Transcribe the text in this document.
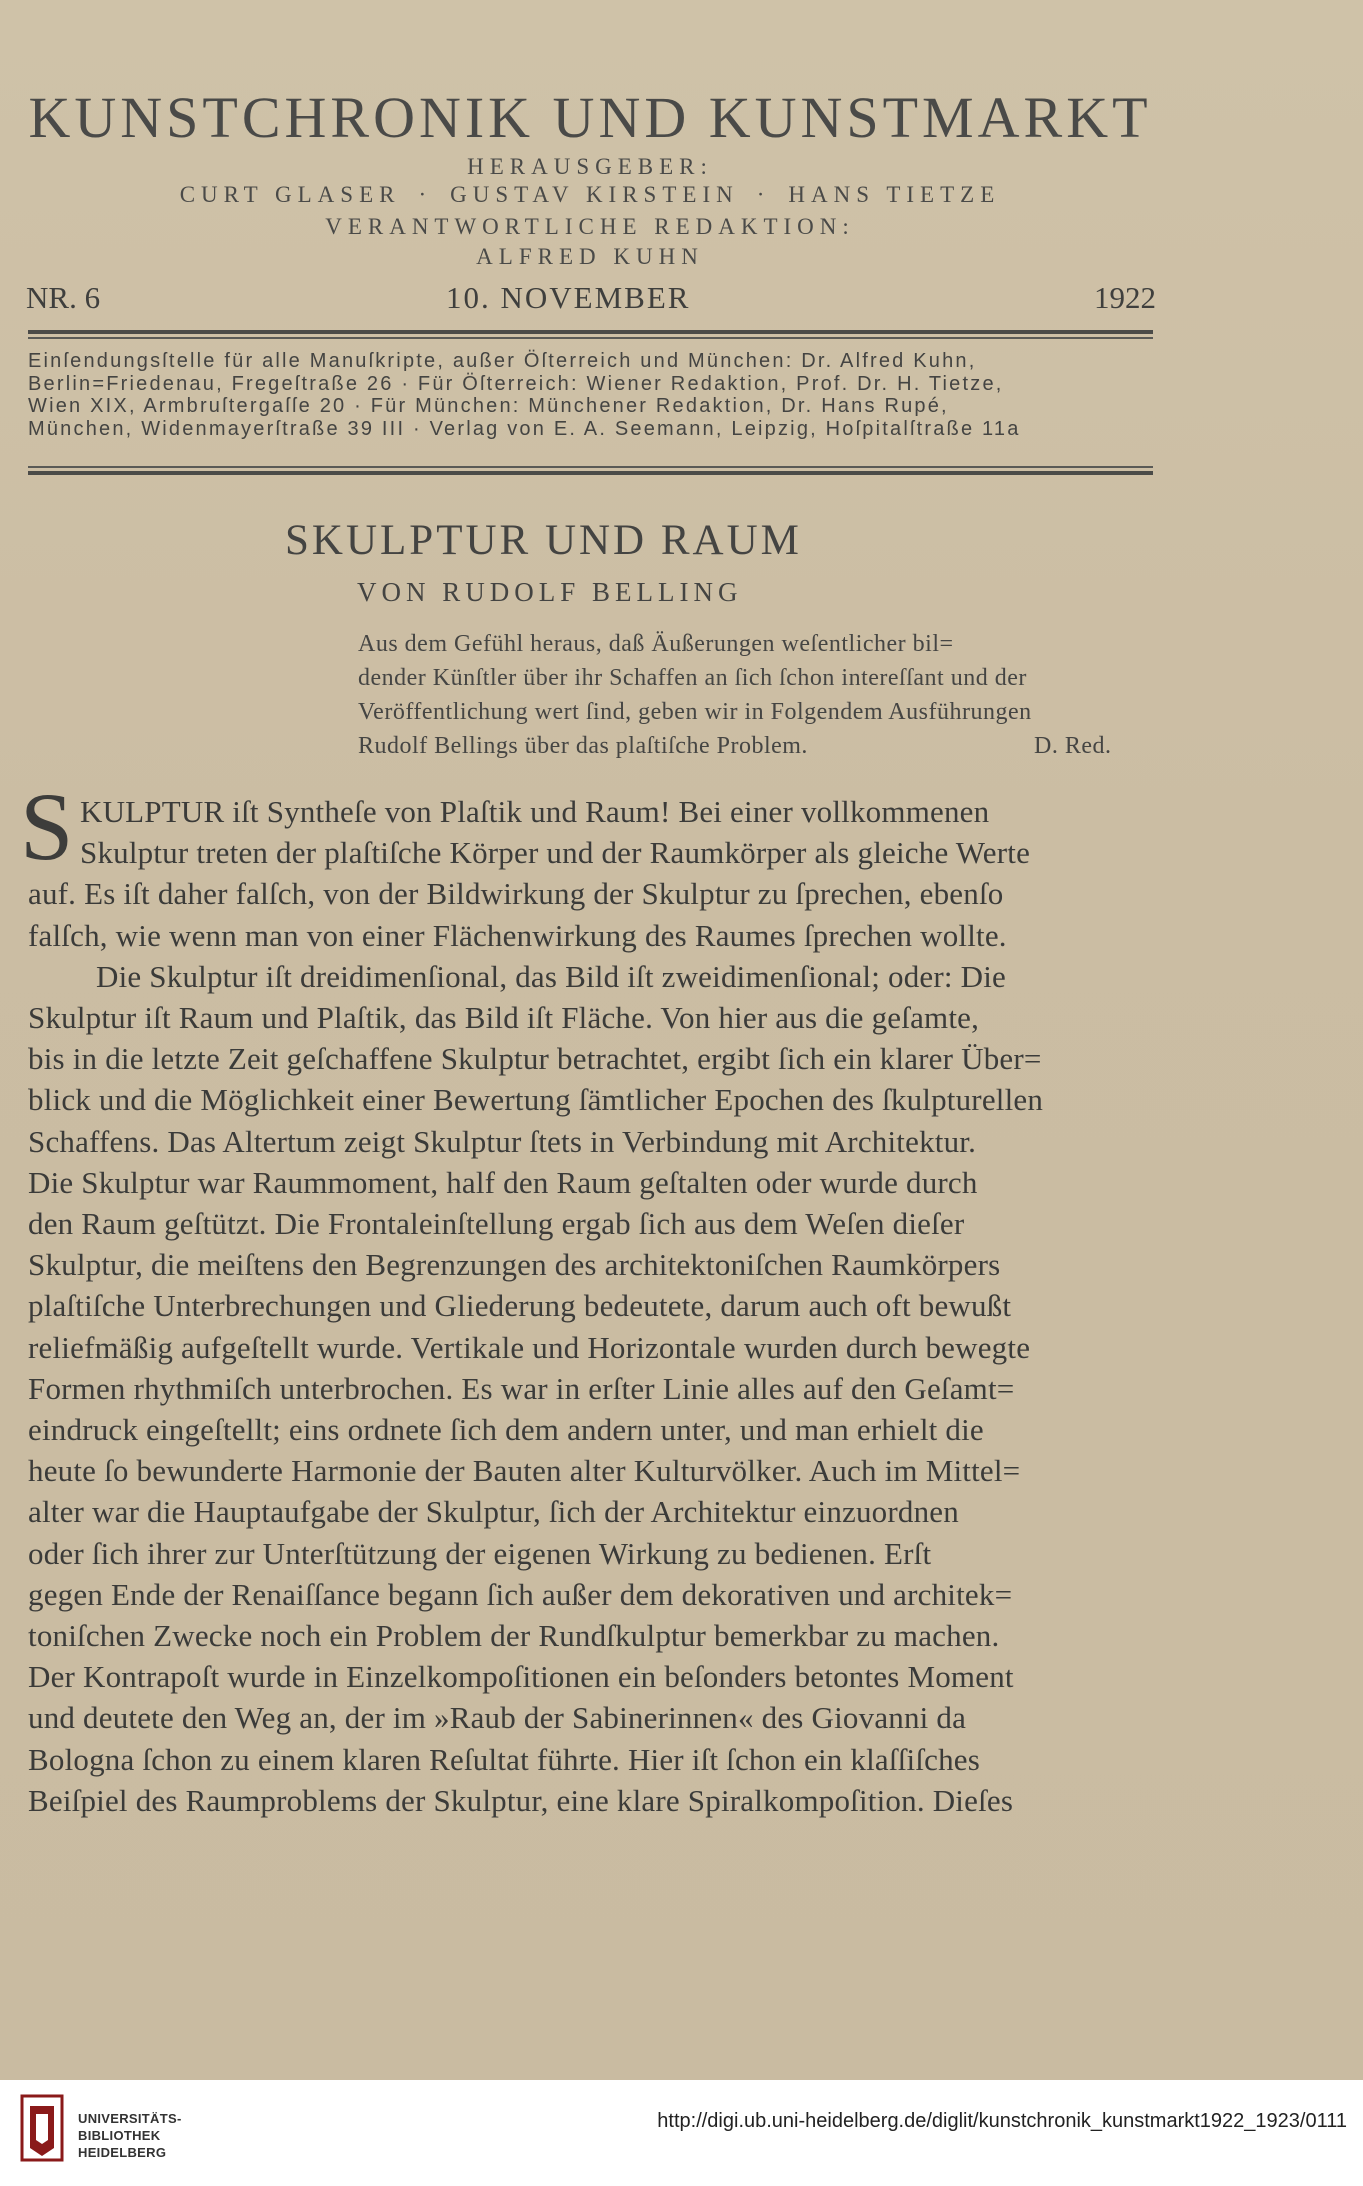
KUNSTCHRONIK UND KUNSTMARKT
HERAUSGEBER:
CURT GLASER · GUSTAV KIRSTEIN · HANS TIETZE
VERANTWORTLICHE REDAKTION:
ALFRED KUHN
NR. 6	10. NOVEMBER	1922
Einſendungsſtelle für alle Manuſkripte, außer Öſterreich und München: Dr. Alfred Kuhn,
Berlin=Friedenau, Fregeſtraße 26 · Für Öſterreich: Wiener Redaktion, Prof. Dr. H. Tietze,
Wien XIX, Armbruſtergaſſe 20 · Für München: Münchener Redaktion, Dr. Hans Rupé,
München, Widenmayerſtraße 39 III · Verlag von E. A. Seemann, Leipzig, Hoſpitalſtraße 11a
SKULPTUR UND RAUM
VON RUDOLF BELLING
Aus dem Gefühl heraus, daß Äußerungen weſentlicher bil=
dender Künſtler über ihr Schaffen an ſich ſchon intereſſant und der
Veröffentlichung wert ſind, geben wir in Folgendem Ausführungen
Rudolf Bellings über das plaſtiſche Problem.	D. Red.
S KULPTUR iſt Syntheſe von Plaſtik und Raum! Bei einer vollkommenen
Skulptur treten der plaſtiſche Körper und der Raumkörper als gleiche Werte
auf. Es iſt daher falſch, von der Bildwirkung der Skulptur zu ſprechen, ebenſo
falſch, wie wenn man von einer Flächenwirkung des Raumes ſprechen wollte.
Die Skulptur iſt dreidimenſional, das Bild iſt zweidimenſional; oder: Die
Skulptur iſt Raum und Plaſtik, das Bild iſt Fläche. Von hier aus die geſamte,
bis in die letzte Zeit geſchaffene Skulptur betrachtet, ergibt ſich ein klarer Über=
blick und die Möglichkeit einer Bewertung ſämtlicher Epochen des ſkulpturellen
Schaffens. Das Altertum zeigt Skulptur ſtets in Verbindung mit Architektur.
Die Skulptur war Raummoment, half den Raum geſtalten oder wurde durch
den Raum geſtützt. Die Frontaleinſtellung ergab ſich aus dem Weſen dieſer
Skulptur, die meiſtens den Begrenzungen des architektoniſchen Raumkörpers
plaſtiſche Unterbrechungen und Gliederung bedeutete, darum auch oft bewußt
reliefmäßig aufgeſtellt wurde. Vertikale und Horizontale wurden durch bewegte
Formen rhythmiſch unterbrochen. Es war in erſter Linie alles auf den Geſamt=
eindruck eingeſtellt; eins ordnete ſich dem andern unter, und man erhielt die
heute ſo bewunderte Harmonie der Bauten alter Kulturvölker. Auch im Mittel=
alter war die Hauptaufgabe der Skulptur, ſich der Architektur einzuordnen
oder ſich ihrer zur Unterſtützung der eigenen Wirkung zu bedienen. Erſt
gegen Ende der Renaiſſance begann ſich außer dem dekorativen und architek=
toniſchen Zwecke noch ein Problem der Rundſkulptur bemerkbar zu machen.
Der Kontrapoſt wurde in Einzelkompoſitionen ein beſonders betontes Moment
und deutete den Weg an, der im »Raub der Sabinerinnen« des Giovanni da
Bologna ſchon zu einem klaren Reſultat führte. Hier iſt ſchon ein klaſſiſches
Beiſpiel des Raumproblems der Skulptur, eine klare Spiralkompoſition. Dieſes
UNIVERSITÄTS-
BIBLIOTHEK
HEIDELBERG
http://digi.ub.uni-heidelberg.de/diglit/kunstchronik_kunstmarkt1922_1923/0111
